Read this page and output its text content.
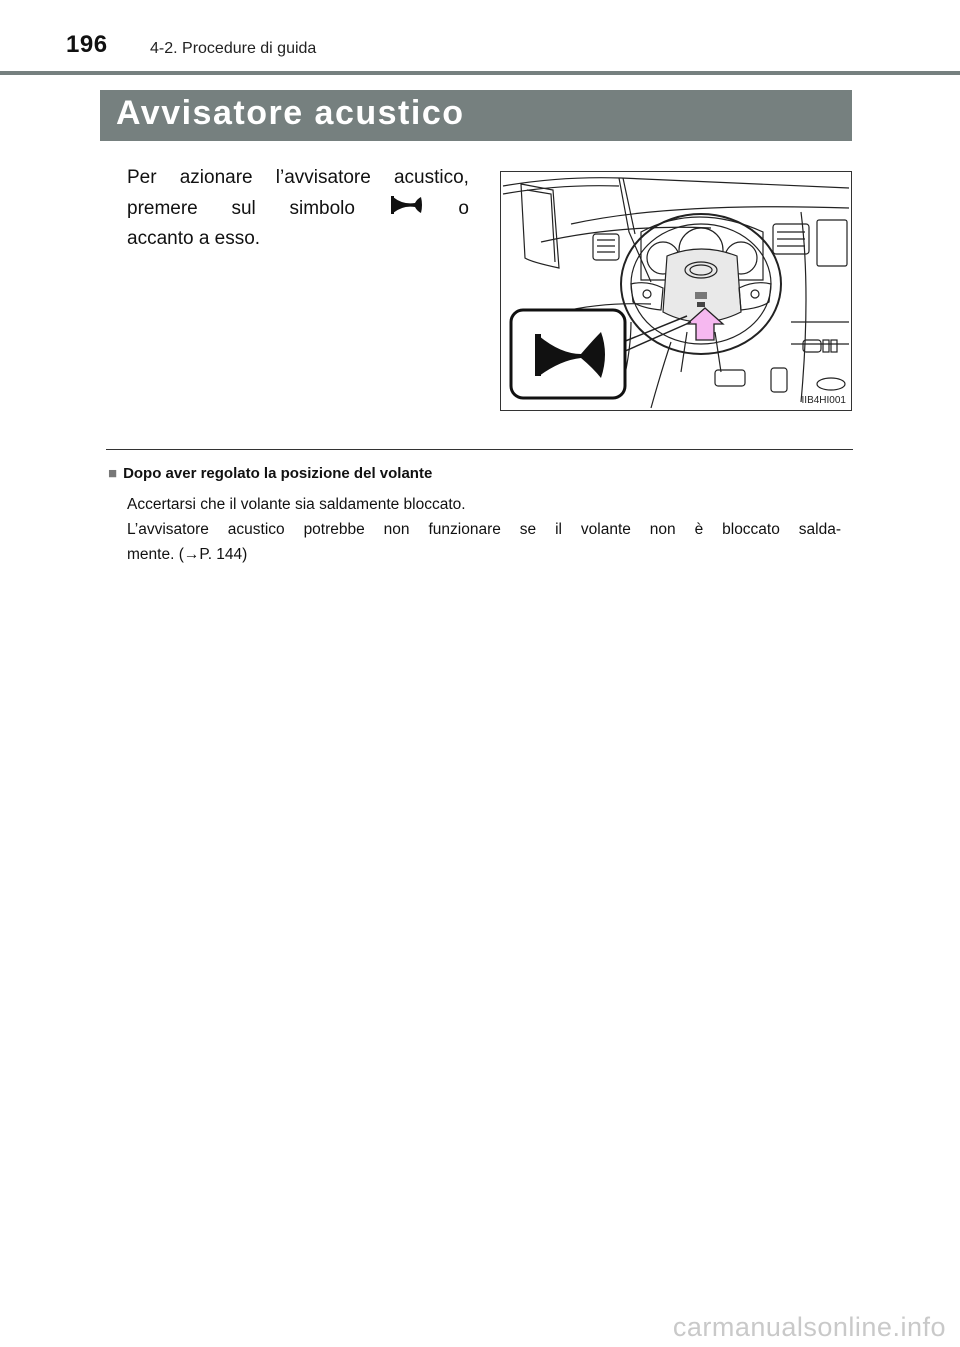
196	4-2. Procedure di guida
Avvisatore acustico
Per azionare l’avvisatore acustico,
premere sul simbolo	o
accanto a esso.
IIB4HI001
■ Dopo aver regolato la posizione del volante
Accertarsi che il volante sia saldamente bloccato.
L’avvisatore acustico potrebbe non funzionare se il volante non è bloccato salda-
mente. (→P. 144)
carmanualsonline.info
